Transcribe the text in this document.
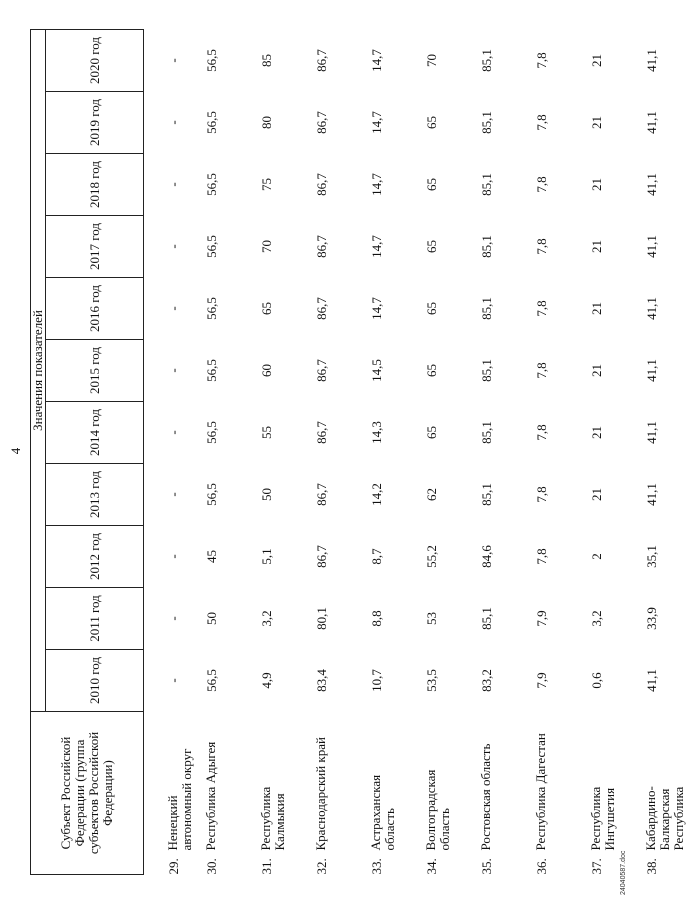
4
Субъект Российской Федерации (группа субъектов Российской Федерации)	Значения показателей										
	2010 год	2011 год	2012 год	2013 год	2014 год	2015 год	2016 год	2017 год	2018 год	2019 год	2020 год
29.Ненецкий автономный округ	-	-	-	-	-	-	-	-	-	-	-
30.Республика Адыгея	56,5	50	45	56,5	56,5	56,5	56,5	56,5	56,5	56,5	56,5
31.Республика Калмыкия	4,9	3,2	5,1	50	55	60	65	70	75	80	85
32.Краснодарский край	83,4	80,1	86,7	86,7	86,7	86,7	86,7	86,7	86,7	86,7	86,7
33.Астраханская область	10,7	8,8	8,7	14,2	14,3	14,5	14,7	14,7	14,7	14,7	14,7
34.Волгоградская область	53,5	53	55,2	62	65	65	65	65	65	65	70
35.Ростовская область	83,2	85,1	84,6	85,1	85,1	85,1	85,1	85,1	85,1	85,1	85,1
36.Республика Дагестан	7,9	7,9	7,8	7,8	7,8	7,8	7,8	7,8	7,8	7,8	7,8
37.Республика Ингушетия	0,6	3,2	2	21	21	21	21	21	21	21	21
38.Кабардино-Балкарская Республика	41,1	33,9	35,1	41,1	41,1	41,1	41,1	41,1	41,1	41,1	41,1
24040587.doc
